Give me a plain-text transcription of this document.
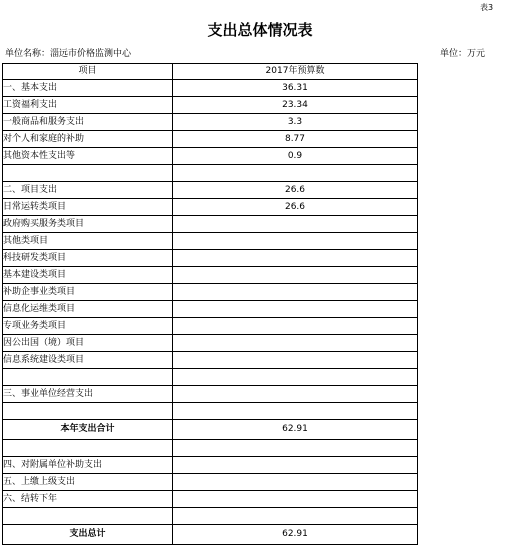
表3
支出总体情况表
单位名称：淄远市价格监测中心	单位：万元
项目	2017年预算数
一、基本支出	36.31
工资福利支出	23.34
一般商品和服务支出	3.3
对个人和家庭的补助	8.77
其他资本性支出等	0.9

二、项目支出	26.6
日常运转类项目	26.6
政府购买服务类项目	
其他类项目	
科技研发类项目	
基本建设类项目	
补助企事业类项目	
信息化运维类项目	
专项业务类项目	
因公出国（境）项目	
信息系统建设类项目	

三、事业单位经营支出	

本年支出合计	62.91

四、对附属单位补助支出	
五、上缴上级支出	
六、结转下年	

支出总计	62.91
